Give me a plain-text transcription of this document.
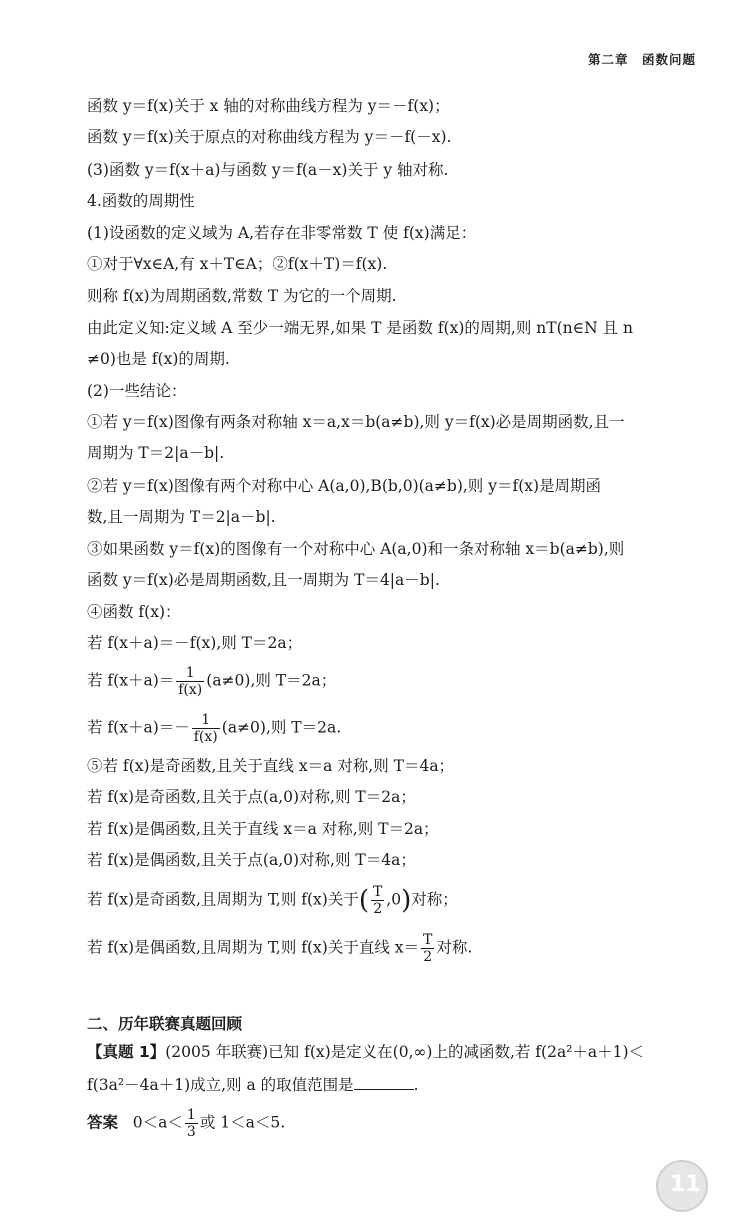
第二章　函数问题
函数 y＝f(x)关于 x 轴的对称曲线方程为 y＝－f(x)；
函数 y＝f(x)关于原点的对称曲线方程为 y＝－f(－x).
(3)函数 y＝f(x＋a)与函数 y＝f(a－x)关于 y 轴对称.
4.函数的周期性
(1)设函数的定义域为 A,若存在非零常数 T 使 f(x)满足：
①对于∀x∈A,有 x＋T∈A；②f(x＋T)＝f(x).
则称 f(x)为周期函数,常数 T 为它的一个周期.
由此定义知:定义域 A 至少一端无界,如果 T 是函数 f(x)的周期,则 nT(n∈N 且 n
≠0)也是 f(x)的周期.
(2)一些结论：
①若 y＝f(x)图像有两条对称轴 x＝a,x＝b(a≠b),则 y＝f(x)必是周期函数,且一
周期为 T＝2|a－b|.
②若 y＝f(x)图像有两个对称中心 A(a,0),B(b,0)(a≠b),则 y＝f(x)是周期函
数,且一周期为 T＝2|a－b|.
③如果函数 y＝f(x)的图像有一个对称中心 A(a,0)和一条对称轴 x＝b(a≠b),则
函数 y＝f(x)必是周期函数,且一周期为 T＝4|a－b|.
④函数 f(x)：
若 f(x＋a)＝－f(x),则 T＝2a；
若 $f(x+a)= \frac{1}{f(x)} (a\ne 0)$,则 T＝2a；
若 $f(x+a)=- \frac{1}{f(x)} (a\ne 0)$,则 T＝2a.
⑤若 f(x)是奇函数,且关于直线 x＝a 对称,则 T＝4a；
若 f(x)是奇函数,且关于点(a,0)对称,则 T＝2a；
若 f(x)是偶函数,且关于直线 x＝a 对称,则 T＝2a；
若 f(x)是偶函数,且关于点(a,0)对称,则 T＝4a；
若 f(x)是奇函数,且周期为 T,则 f(x)关于( $\frac{T}{2} ,0$)对称；
若 f(x)是偶函数,且周期为 T,则 f(x)关于直线 $x= \frac{T}{2}$ 对称.
二、历年联赛真题回顾
【真题 1】(2005 年联赛)已知 f(x)是定义在(0,∞)上的减函数,若 f(2a²＋a＋1)＜
f(3a²－4a＋1)成立,则 a 的取值范围是	.
答案 $0<a< \frac{1}{3}$ 或 1＜a＜5.
11
